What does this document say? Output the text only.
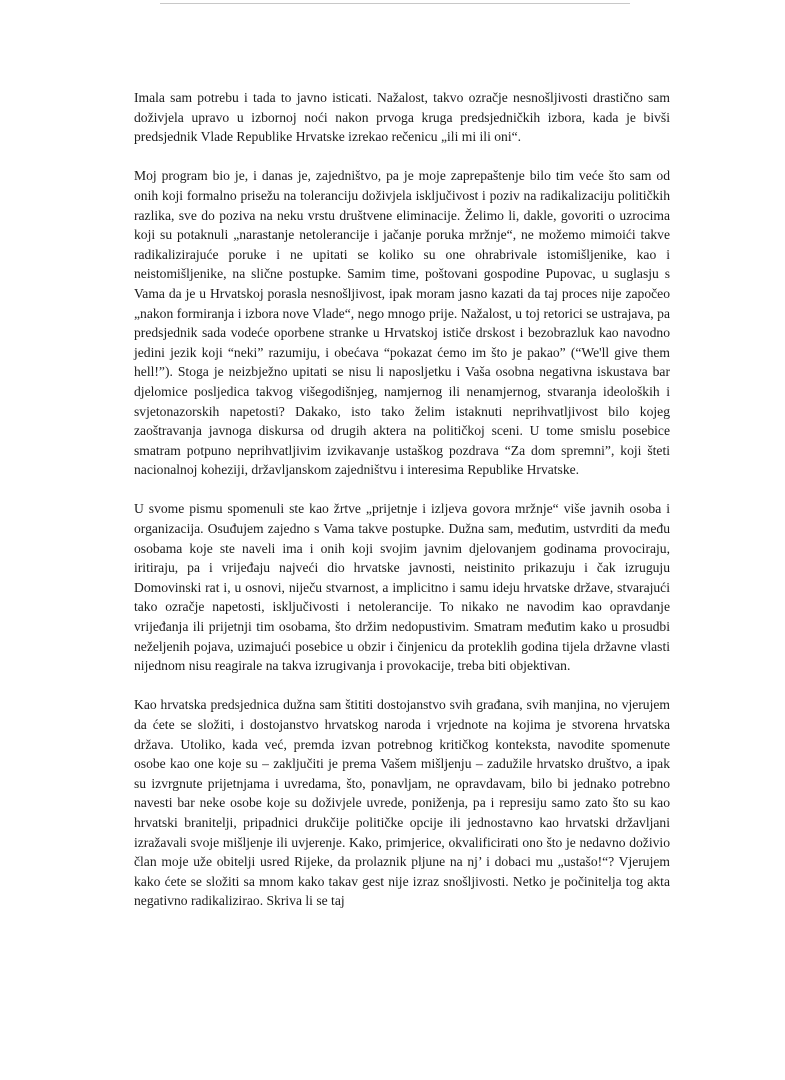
Imala sam potrebu i tada to javno isticati. Nažalost, takvo ozračje nesnošljivosti drastično sam doživjela upravo u izbornoj noći nakon prvoga kruga predsjedničkih izbora, kada je bivši predsjednik Vlade Republike Hrvatske izrekao rečenicu „ili mi ili oni“.

Moj program bio je, i danas je, zajedništvo, pa je moje zaprepaštenje bilo tim veće što sam od onih koji formalno prisežu na toleranciju doživjela isključivost i poziv na radikalizaciju političkih razlika, sve do poziva na neku vrstu društvene eliminacije. Želimo li, dakle, govoriti o uzrocima koji su potaknuli „narastanje netolerancije i jačanje poruka mržnje“, ne možemo mimoići takve radikalizirajuće poruke i ne upitati se koliko su one ohrabrivale istomišljenike, kao i neistomišljenike, na slične postupke. Samim time, poštovani gospodine Pupovac, u suglasju s Vama da je u Hrvatskoj porasla nesnošljivost, ipak moram jasno kazati da taj proces nije započeo „nakon formiranja i izbora nove Vlade“, nego mnogo prije. Nažalost, u toj retorici se ustrajava, pa predsjednik sada vodeće oporbene stranke u Hrvatskoj ističe drskost i bezobrazluk kao navodno jedini jezik koji “neki” razumiju, i obećava “pokazat ćemo im što je pakao” (“We'll give them hell!”). Stoga je neizbježno upitati se nisu li naposljetku i Vaša osobna negativna iskustava bar djelomice posljedica takvog višegodišnjeg, namjernog ili nenamjernog, stvaranja ideoloških i svjetonazorskih napetosti? Dakako, isto tako želim istaknuti neprihvatljivost bilo kojeg zaoštravanja javnoga diskursa od drugih aktera na političkoj sceni. U tome smislu posebice smatram potpuno neprihvatljivim izvikavanje ustaškog pozdrava “Za dom spremni”, koji šteti nacionalnoj koheziji, državljanskom zajedništvu i interesima Republike Hrvatske.

U svome pismu spomenuli ste kao žrtve „prijetnje i izljeva govora mržnje“ više javnih osoba i organizacija. Osuđujem zajedno s Vama takve postupke. Dužna sam, međutim, ustvrditi da među osobama koje ste naveli ima i onih koji svojim javnim djelovanjem godinama provociraju, iritiraju, pa i vrijeđaju najveći dio hrvatske javnosti, neistinito prikazuju i čak izruguju Domovinski rat i, u osnovi, niječu stvarnost, a implicitno i samu ideju hrvatske države, stvarajući tako ozračje napetosti, isključivosti i netolerancije. To nikako ne navodim kao opravdanje vrijeđanja ili prijetnji tim osobama, što držim nedopustivim. Smatram međutim kako u prosudbi neželjenih pojava, uzimajući posebice u obzir i činjenicu da proteklih godina tijela državne vlasti nijednom nisu reagirale na takva izrugivanja i provokacije, treba biti objektivan.

Kao hrvatska predsjednica dužna sam štititi dostojanstvo svih građana, svih manjina, no vjerujem da ćete se složiti, i dostojanstvo hrvatskog naroda i vrjednote na kojima je stvorena hrvatska država. Utoliko, kada već, premda izvan potrebnog kritičkog konteksta, navodite spomenute osobe kao one koje su – zaključiti je prema Vašem mišljenju – zadužile hrvatsko društvo, a ipak su izvrgnute prijetnjama i uvredama, što, ponavljam, ne opravdavam, bilo bi jednako potrebno navesti bar neke osobe koje su doživjele uvrede, poniženja, pa i represiju samo zato što su kao hrvatski branitelji, pripadnici drukčije političke opcije ili jednostavno kao hrvatski državljani izražavali svoje mišljenje ili uvjerenje. Kako, primjerice, okvalificirati ono što je nedavno doživio član moje uže obitelji usred Rijeke, da prolaznik pljune na nj’ i dobaci mu „ustašo!“? Vjerujem kako ćete se složiti sa mnom kako takav gest nije izraz snošljivosti. Netko je počinitelja tog akta negativno radikalizirao. Skriva li se taj
